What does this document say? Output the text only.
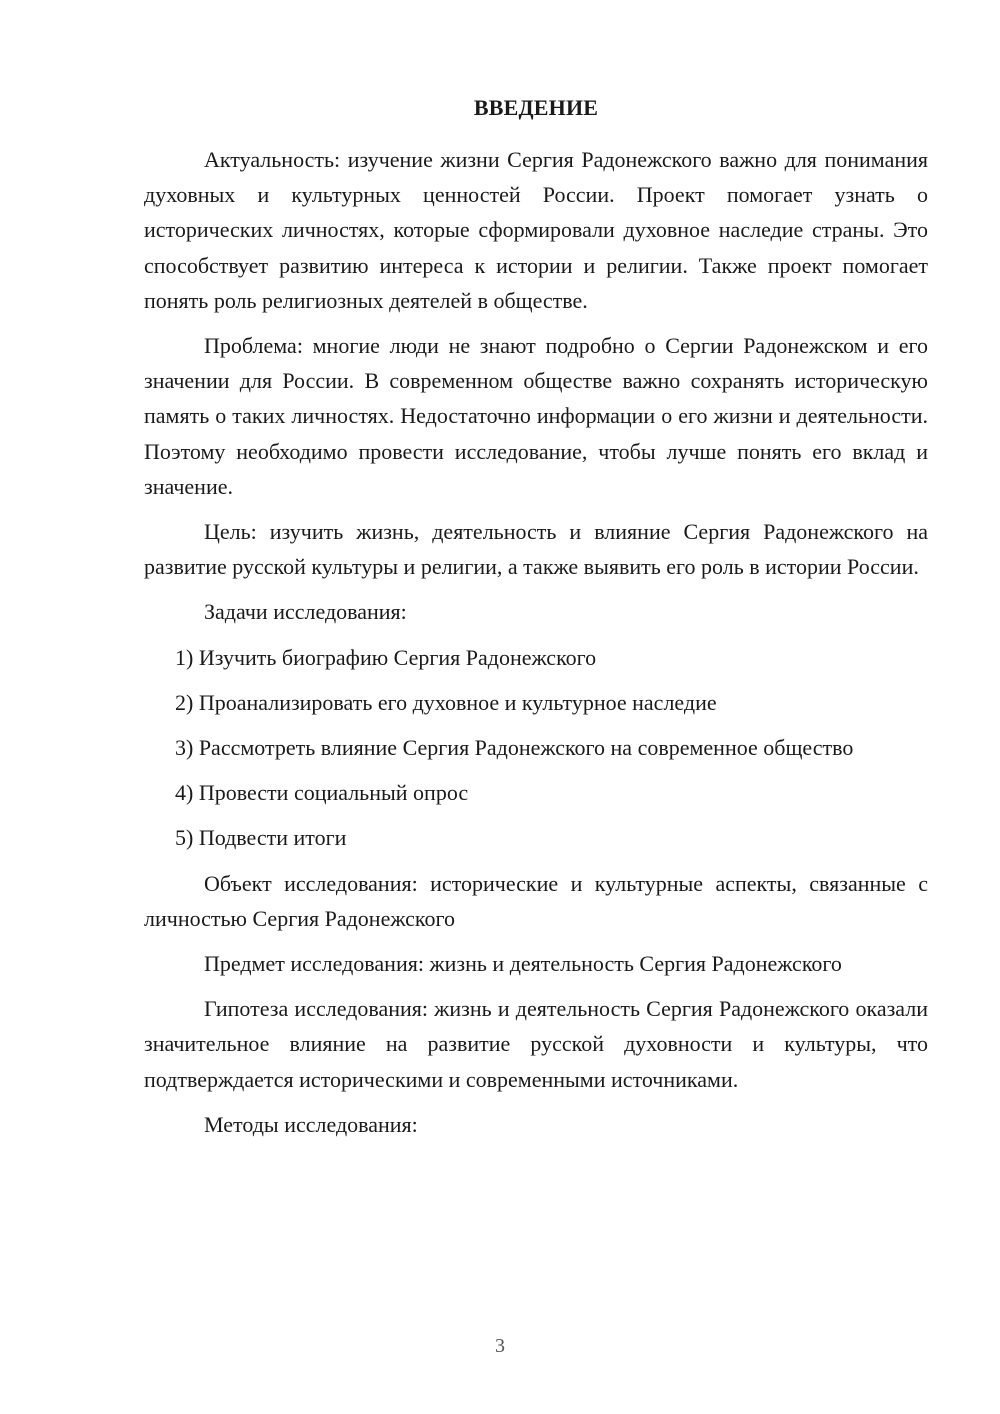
ВВЕДЕНИЕ

Актуальность: изучение жизни Сергия Радонежского важно для понимания духовных и культурных ценностей России. Проект помогает узнать о исторических личностях, которые сформировали духовное наследие страны. Это способствует развитию интереса к истории и религии. Также проект помогает понять роль религиозных деятелей в обществе.

Проблема: многие люди не знают подробно о Сергии Радонежском и его значении для России. В современном обществе важно сохранять историческую память о таких личностях. Недостаточно информации о его жизни и деятельности. Поэтому необходимо провести исследование, чтобы лучше понять его вклад и значение.

Цель: изучить жизнь, деятельность и влияние Сергия Радонежского на развитие русской культуры и религии, а также выявить его роль в истории России.

Задачи исследования:

1) Изучить биографию Сергия Радонежского

2) Проанализировать его духовное и культурное наследие

3) Рассмотреть влияние Сергия Радонежского на современное общество

4) Провести социальный опрос

5) Подвести итоги

Объект исследования: исторические и культурные аспекты, связанные с личностью Сергия Радонежского

Предмет исследования: жизнь и деятельность Сергия Радонежского

Гипотеза исследования: жизнь и деятельность Сергия Радонежского оказали значительное влияние на развитие русской духовности и культуры, что подтверждается историческими и современными источниками.

Методы исследования:

3
